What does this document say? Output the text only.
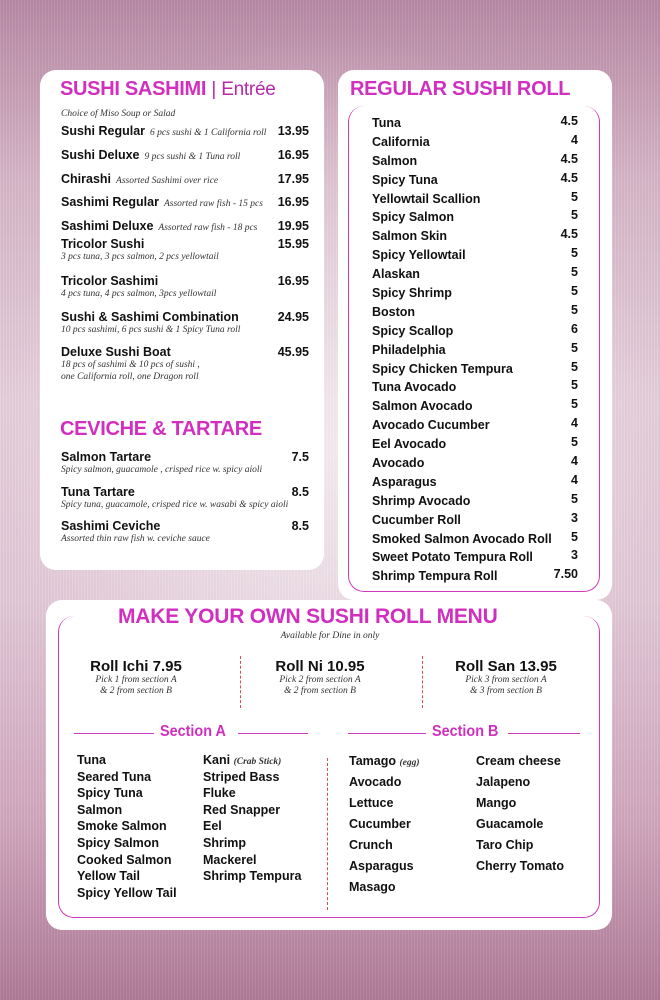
SUSHI SASHIMI | Entrée
Choice of Miso Soup or Salad
Sushi Regular 6 pcs sushi & 1 California roll 13.95
Sushi Deluxe 9 pcs sushi & 1 Tuna roll	16.95
Chirashi Assorted Sashimi over rice	17.95
Sashimi Regular Assorted raw fish - 15 pcs 16.95
Sashimi Deluxe Assorted raw fish - 18 pcs 19.95
Tricolor Sushi	15.95
3 pcs tuna, 3 pcs salmon, 2 pcs yellowtail
Tricolor Sashimi	16.95
4 pcs tuna, 4 pcs salmon, 3pcs yellowtail
Sushi & Sashimi Combination	24.95
10 pcs sashimi, 6 pcs sushi & 1 Spicy Tuna roll
Deluxe Sushi Boat	45.95
18 pcs of sashimi & 10 pcs of sushi ,
one California roll, one Dragon roll
CEVICHE & TARTARE
Salmon Tartare	7.5
Spicy salmon, guacamole , crisped rice w. spicy aioli
Tuna Tartare	8.5
Spicy tuna, guacamole, crisped rice w. wasabi & spicy aioli
Sashimi Ceviche	8.5
Assorted thin raw fish w. ceviche sauce
REGULAR SUSHI ROLL
Tuna	4.5
California	4
Salmon	4.5
Spicy Tuna	4.5
Yellowtail Scallion	5
Spicy Salmon	5
Salmon Skin	4.5
Spicy Yellowtail	5
Alaskan	5
Spicy Shrimp	5
Boston	5
Spicy Scallop	6
Philadelphia	5
Spicy Chicken Tempura	5
Tuna Avocado	5
Salmon Avocado	5
Avocado Cucumber	4
Eel Avocado	5
Avocado	4
Asparagus	4
Shrimp Avocado	5
Cucumber Roll	3
Smoked Salmon Avocado Roll 5
Sweet Potato Tempura Roll	3
Shrimp Tempura Roll	7.50
MAKE YOUR OWN SUSHI ROLL MENU
Available for Dine in only
Roll Ichi 7.95
Pick 1 from section A
& 2 from section B
Roll Ni 10.95
Pick 2 from section A
& 2 from section B
Roll San 13.95
Pick 3 from section A
& 3 from section B
Section A	Section B
Tuna
Seared Tuna
Spicy Tuna
Salmon
Smoke Salmon
Spicy Salmon
Cooked Salmon
Yellow Tail
Spicy Yellow Tail
Kani (Crab Stick)
Striped Bass
Fluke
Red Snapper
Eel
Shrimp
Mackerel
Shrimp Tempura
Tamago (egg)
Avocado
Lettuce
Cucumber
Crunch
Asparagus
Masago
Cream cheese
Jalapeno
Mango
Guacamole
Taro Chip
Cherry Tomato
